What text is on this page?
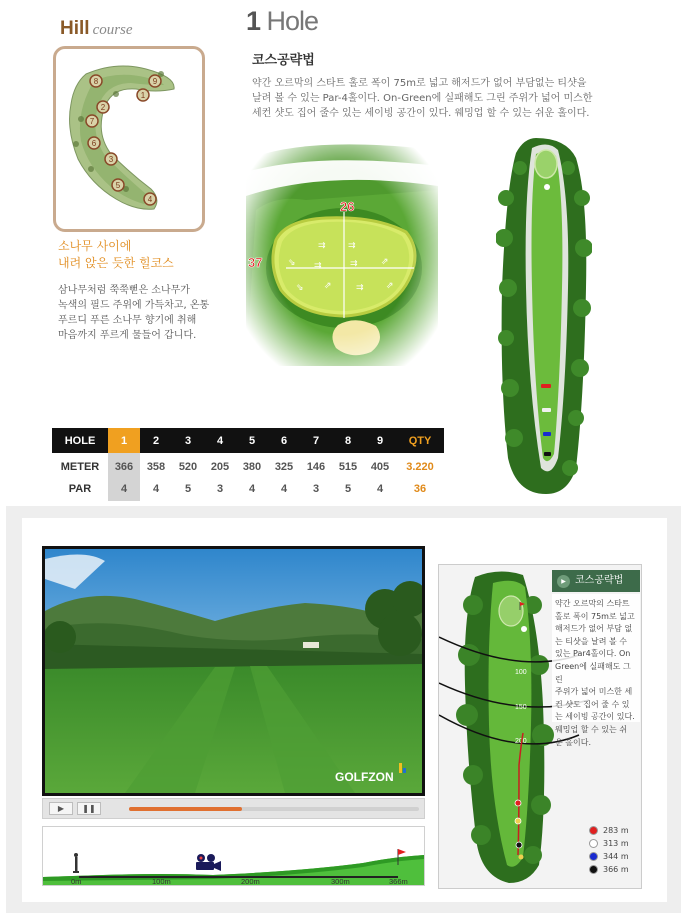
Hill course
8	9
1
2
7
6
3
5
4
소나무 사이에
내려 앉은 듯한 힐코스
삼나무처럼 쭉쭉뻗은 소나무가
녹색의 필드 주위에 가득차고, 온통
푸르디 푸른 소나무 향기에 취해
마음까지 푸르게 물들어 갑니다.
1 Hole
코스공략법
약간 오르막의 스타트 홀로 폭이 75m로 넓고 해저드가 없어 부담없는 티샷을
날려 볼 수 있는 Par-4홀이다. On-Green에 실패해도 그린 주위가 넓어 미스한
세컨 샷도 집어 줄수 있는 세이빙 공간이 있다. 웨밍업 할 수 있는 쉬운 홀이다.
26
37
HOLE	1	2	3	4	5	6	7	8	9	QTY
METER	366	358	520	205	380	325	146	515	405	3.220
PAR	4	4	5	3	4	4	3	5	4	36
GOLFZON
▶	❚❚
0m	100m	200m	300m	366m
100
150
200
▶ 코스공략법
약간 오르막의 스타트
홀로 폭이 75m로 넓고
해저드가 없어 부담 없
는 티샷을 날려 볼 수
있는 Par4홀이다. On
Green에 실패해도 그린
주위가 넓어 미스한 세
컨 샷도 집어 줄 수 있
는 세이빙 공간이 있다.
웨밍업 할 수 있는 쉬
운 홀이다.
283 m
313 m
344 m
366 m
